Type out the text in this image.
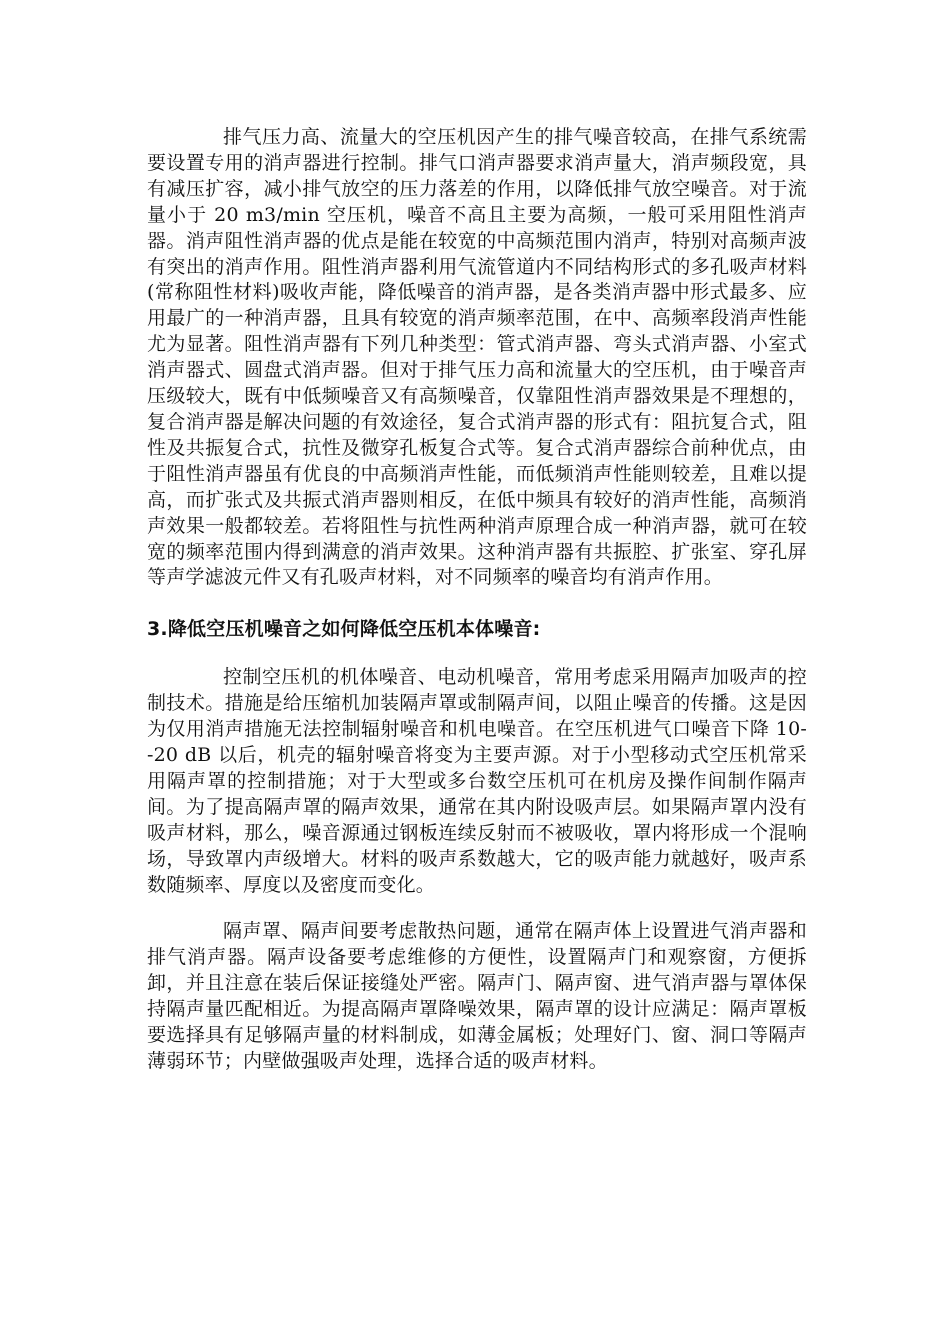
排气压力高、流量大的空压机因产生的排气噪音较高，在排气系统需要设置专用的消声器进行控制。排气口消声器要求消声量大，消声频段宽，具有减压扩容，减小排气放空的压力落差的作用，以降低排气放空噪音。对于流量小于 20 m3/min 空压机，噪音不高且主要为高频，一般可采用阻性消声器。消声阻性消声器的优点是能在较宽的中高频范围内消声，特别对高频声波有突出的消声作用。阻性消声器利用气流管道内不同结构形式的多孔吸声材料(常称阻性材料)吸收声能，降低噪音的消声器，是各类消声器中形式最多、应用最广的一种消声器，且具有较宽的消声频率范围，在中、高频率段消声性能尤为显著。阻性消声器有下列几种类型：管式消声器、弯头式消声器、小室式消声器式、圆盘式消声器。但对于排气压力高和流量大的空压机，由于噪音声压级较大，既有中低频噪音又有高频噪音，仅靠阻性消声器效果是不理想的，复合消声器是解决问题的有效途径，复合式消声器的形式有：阻抗复合式，阻性及共振复合式，抗性及微穿孔板复合式等。复合式消声器综合前种优点，由于阻性消声器虽有优良的中高频消声性能，而低频消声性能则较差，且难以提高，而扩张式及共振式消声器则相反，在低中频具有较好的消声性能，高频消声效果一般都较差。若将阻性与抗性两种消声原理合成一种消声器，就可在较宽的频率范围内得到满意的消声效果。这种消声器有共振腔、扩张室、穿孔屏等声学滤波元件又有孔吸声材料，对不同频率的噪音均有消声作用。

3.降低空压机噪音之如何降低空压机本体噪音:

控制空压机的机体噪音、电动机噪音，常用考虑采用隔声加吸声的控制技术。措施是给压缩机加装隔声罩或制隔声间，以阻止噪音的传播。这是因为仅用消声措施无法控制辐射噪音和机电噪音。在空压机进气口噪音下降 10--20 dB 以后，机壳的辐射噪音将变为主要声源。对于小型移动式空压机常采用隔声罩的控制措施；对于大型或多台数空压机可在机房及操作间制作隔声间。为了提高隔声罩的隔声效果，通常在其内附设吸声层。如果隔声罩内没有吸声材料，那么，噪音源通过钢板连续反射而不被吸收，罩内将形成一个混响场，导致罩内声级增大。材料的吸声系数越大，它的吸声能力就越好，吸声系数随频率、厚度以及密度而变化。

隔声罩、隔声间要考虑散热问题，通常在隔声体上设置进气消声器和排气消声器。隔声设备要考虑维修的方便性，设置隔声门和观察窗，方便拆卸，并且注意在装后保证接缝处严密。隔声门、隔声窗、进气消声器与罩体保持隔声量匹配相近。为提高隔声罩降噪效果，隔声罩的设计应满足：隔声罩板要选择具有足够隔声量的材料制成，如薄金属板；处理好门、窗、洞口等隔声薄弱环节；内壁做强吸声处理，选择合适的吸声材料。
